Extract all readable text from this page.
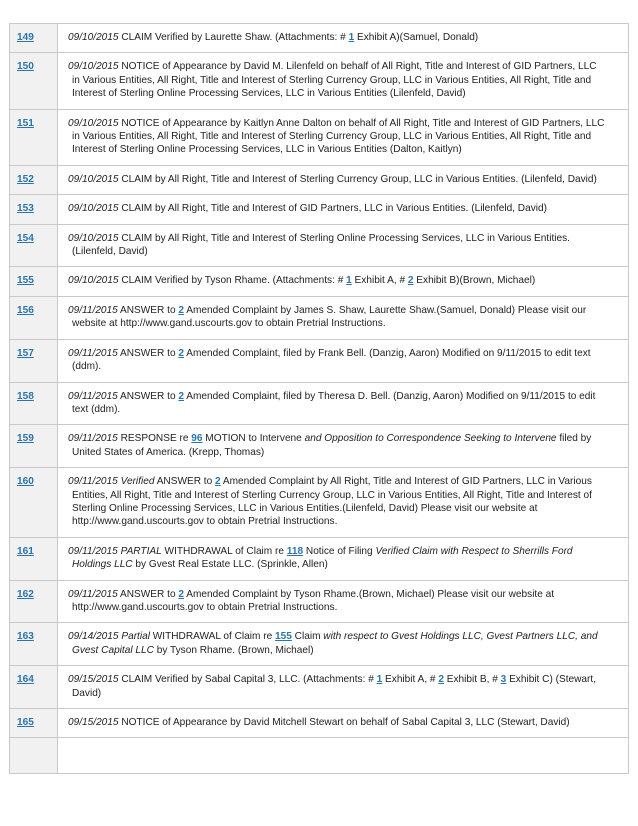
149	09/10/2015 CLAIM Verified by Laurette Shaw. (Attachments: # 1 Exhibit A)(Samuel, Donald)

150	09/10/2015 NOTICE of Appearance by David M. Lilenfeld on behalf of All Right, Title and Interest of GID Partners, LLC in Various Entities, All Right, Title and Interest of Sterling Currency Group, LLC in Various Entities, All Right, Title and Interest of Sterling Online Processing Services, LLC in Various Entities (Lilenfeld, David)

151	09/10/2015 NOTICE of Appearance by Kaitlyn Anne Dalton on behalf of All Right, Title and Interest of GID Partners, LLC in Various Entities, All Right, Title and Interest of Sterling Currency Group, LLC in Various Entities, All Right, Title and Interest of Sterling Online Processing Services, LLC in Various Entities (Dalton, Kaitlyn)

152	09/10/2015 CLAIM by All Right, Title and Interest of Sterling Currency Group, LLC in Various Entities. (Lilenfeld, David)

153	09/10/2015 CLAIM by All Right, Title and Interest of GID Partners, LLC in Various Entities. (Lilenfeld, David)

154	09/10/2015 CLAIM by All Right, Title and Interest of Sterling Online Processing Services, LLC in Various Entities. (Lilenfeld, David)

155	09/10/2015 CLAIM Verified by Tyson Rhame. (Attachments: # 1 Exhibit A, # 2 Exhibit B)(Brown, Michael)

156	09/11/2015 ANSWER to 2 Amended Complaint by James S. Shaw, Laurette Shaw.(Samuel, Donald) Please visit our website at http://www.gand.uscourts.gov to obtain Pretrial Instructions.

157	09/11/2015 ANSWER to 2 Amended Complaint, filed by Frank Bell. (Danzig, Aaron) Modified on 9/11/2015 to edit text (ddm).

158	09/11/2015 ANSWER to 2 Amended Complaint, filed by Theresa D. Bell. (Danzig, Aaron) Modified on 9/11/2015 to edit text (ddm).

159	09/11/2015 RESPONSE re 96 MOTION to Intervene and Opposition to Correspondence Seeking to Intervene filed by United States of America. (Krepp, Thomas)

160	09/11/2015 Verified ANSWER to 2 Amended Complaint by All Right, Title and Interest of GID Partners, LLC in Various Entities, All Right, Title and Interest of Sterling Currency Group, LLC in Various Entities, All Right, Title and Interest of Sterling Online Processing Services, LLC in Various Entities.(Lilenfeld, David) Please visit our website at http://www.gand.uscourts.gov to obtain Pretrial Instructions.

161	09/11/2015 PARTIAL WITHDRAWAL of Claim re 118 Notice of Filing Verified Claim with Respect to Sherrills Ford Holdings LLC by Gvest Real Estate LLC. (Sprinkle, Allen)

162	09/11/2015 ANSWER to 2 Amended Complaint by Tyson Rhame.(Brown, Michael) Please visit our website at http://www.gand.uscourts.gov to obtain Pretrial Instructions.

163	09/14/2015 Partial WITHDRAWAL of Claim re 155 Claim with respect to Gvest Holdings LLC, Gvest Partners LLC, and Gvest Capital LLC by Tyson Rhame. (Brown, Michael)

164	09/15/2015 CLAIM Verified by Sabal Capital 3, LLC. (Attachments: # 1 Exhibit A, # 2 Exhibit B, # 3 Exhibit C) (Stewart, David)

165	09/15/2015 NOTICE of Appearance by David Mitchell Stewart on behalf of Sabal Capital 3, LLC (Stewart, David)
